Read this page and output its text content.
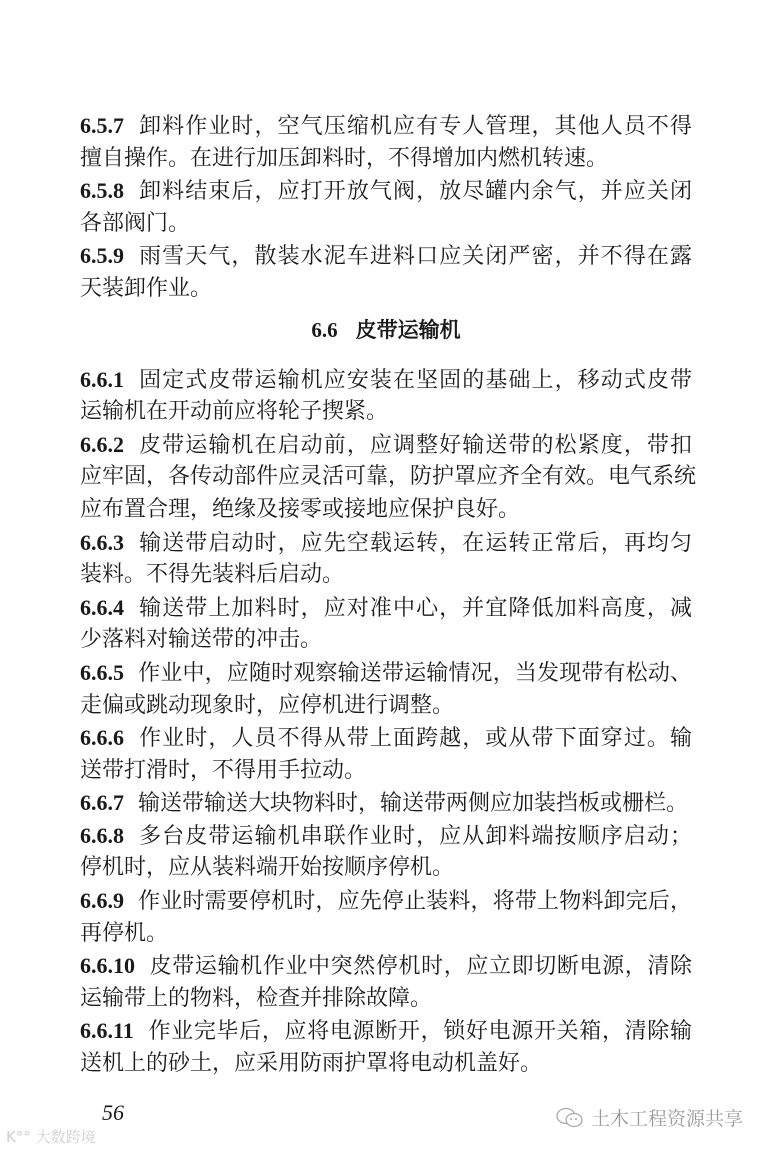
6.5.7 卸料作业时，空气压缩机应有专人管理，其他人员不得
擅自操作。在进行加压卸料时，不得增加内燃机转速。
6.5.8 卸料结束后，应打开放气阀，放尽罐内余气，并应关闭
各部阀门。
6.5.9 雨雪天气，散装水泥车进料口应关闭严密，并不得在露
天装卸作业。
6.6 皮带运输机
6.6.1 固定式皮带运输机应安装在坚固的基础上，移动式皮带
运输机在开动前应将轮子揳紧。
6.6.2 皮带运输机在启动前，应调整好输送带的松紧度，带扣
应牢固，各传动部件应灵活可靠，防护罩应齐全有效。电气系统
应布置合理，绝缘及接零或接地应保护良好。
6.6.3 输送带启动时，应先空载运转，在运转正常后，再均匀
装料。不得先装料后启动。
6.6.4 输送带上加料时，应对准中心，并宜降低加料高度，减
少落料对输送带的冲击。
6.6.5 作业中，应随时观察输送带运输情况，当发现带有松动、
走偏或跳动现象时，应停机进行调整。
6.6.6 作业时，人员不得从带上面跨越，或从带下面穿过。输
送带打滑时，不得用手拉动。
6.6.7 输送带输送大块物料时，输送带两侧应加装挡板或栅栏。
6.6.8 多台皮带运输机串联作业时，应从卸料端按顺序启动；
停机时，应从装料端开始按顺序停机。
6.6.9 作业时需要停机时，应先停止装料，将带上物料卸完后，
再停机。
6.6.10 皮带运输机作业中突然停机时，应立即切断电源，清除
运输带上的物料，检查并排除故障。
6.6.11 作业完毕后，应将电源断开，锁好电源开关箱，清除输
送机上的砂土，应采用防雨护罩将电动机盖好。
56
K°° 大数跨境
土木工程资源共享
